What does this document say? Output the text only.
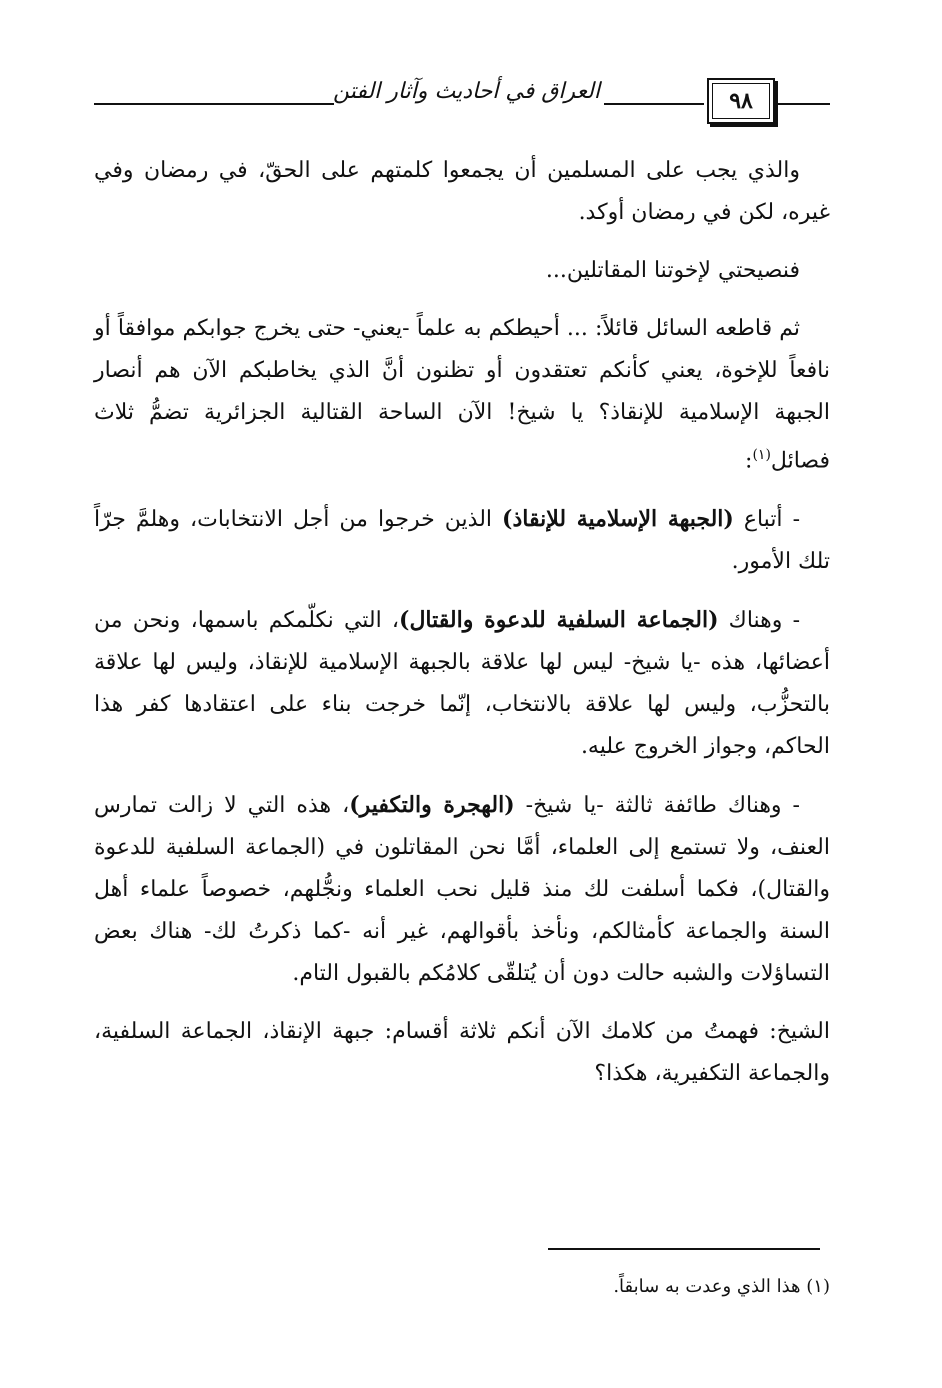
العراق في أحاديث وآثار الفتن	٩٨

والذي يجب على المسلمين أن يجمعوا كلمتهم على الحقّ، في رمضان وفي غيره، لكن في رمضان أوكد.

فنصيحتي لإخوتنا المقاتلين...

ثم قاطعه السائل قائلاً: ... أحيطكم به علماً -يعني- حتى يخرج جوابكم موافقاً أو نافعاً للإخوة، يعني كأنكم تعتقدون أو تظنون أنَّ الذي يخاطبكم الآن هم أنصار الجبهة الإسلامية للإنقاذ؟ يا شيخ! الآن الساحة القتالية الجزائرية تضمُّ ثلاث فصائل$^{(١)}$:

- أتباع (الجبهة الإسلامية للإنقاذ) الذين خرجوا من أجل الانتخابات، وهلمَّ جرّاً تلك الأمور.

- وهناك (الجماعة السلفية للدعوة والقتال)، التي نكلّمكم باسمها، ونحن من أعضائها، هذه -يا شيخ- ليس لها علاقة بالجبهة الإسلامية للإنقاذ، وليس لها علاقة بالتحزُّب، وليس لها علاقة بالانتخاب، إنّما خرجت بناء على اعتقادها كفر هذا الحاكم، وجواز الخروج عليه.

- وهناك طائفة ثالثة -يا شيخ- (الهجرة والتكفير)، هذه التي لا زالت تمارس العنف، ولا تستمع إلى العلماء، أمَّا نحن المقاتلون في (الجماعة السلفية للدعوة والقتال)، فكما أسلفت لك منذ قليل نحب العلماء ونجُّلهم، خصوصاً علماء أهل السنة والجماعة كأمثالكم، ونأخذ بأقوالهم، غير أنه -كما ذكرتُ لك- هناك بعض التساؤلات والشبه حالت دون أن يُتلقّى كلامُكم بالقبول التام.

الشيخ: فهمتُ من كلامك الآن أنكم ثلاثة أقسام: جبهة الإنقاذ، الجماعة السلفية، والجماعة التكفيرية، هكذا؟

(١) هذا الذي وعدت به سابقاً.
